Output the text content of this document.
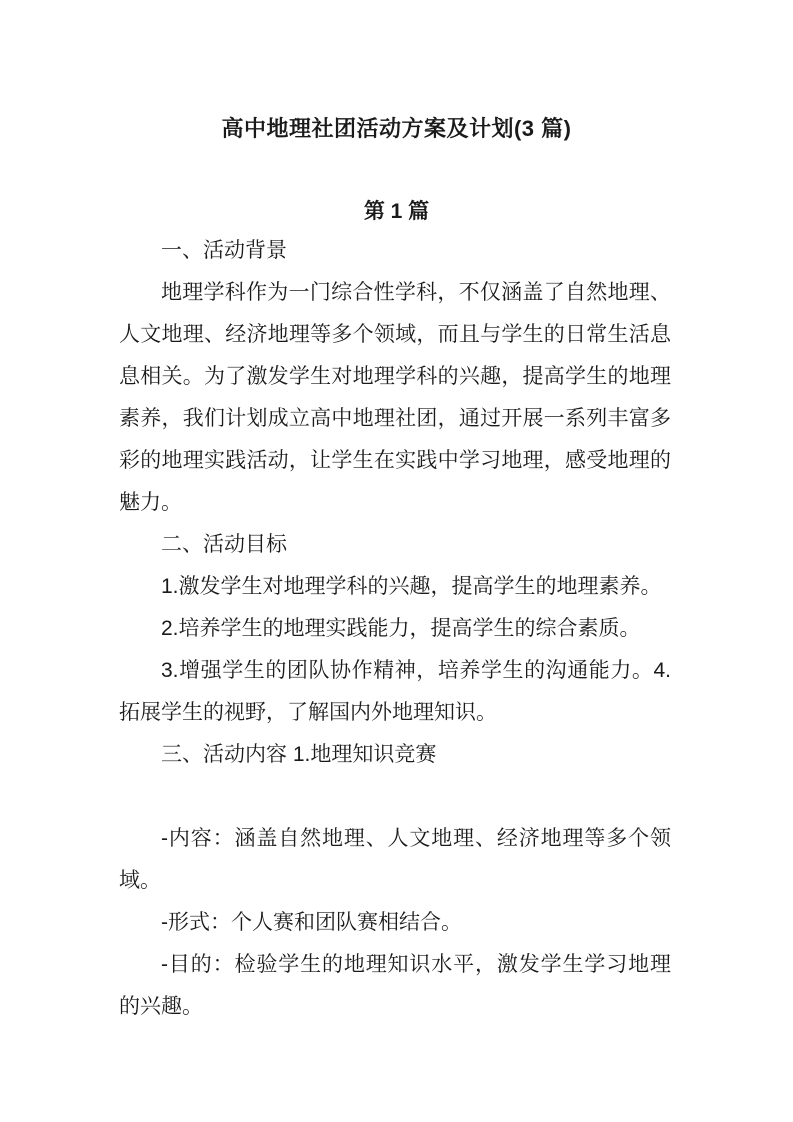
高中地理社团活动方案及计划(3 篇)
第 1 篇

一、活动背景

地理学科作为一门综合性学科，不仅涵盖了自然地理、人文地理、经济地理等多个领域，而且与学生的日常生活息息相关。为了激发学生对地理学科的兴趣，提高学生的地理素养，我们计划成立高中地理社团，通过开展一系列丰富多彩的地理实践活动，让学生在实践中学习地理，感受地理的魅力。

二、活动目标

1.激发学生对地理学科的兴趣，提高学生的地理素养。

2.培养学生的地理实践能力，提高学生的综合素质。

3.增强学生的团队协作精神，培养学生的沟通能力。4.拓展学生的视野，了解国内外地理知识。

三、活动内容 1.地理知识竞赛

-内容：涵盖自然地理、人文地理、经济地理等多个领域。

-形式：个人赛和团队赛相结合。

-目的：检验学生的地理知识水平，激发学生学习地理的兴趣。
